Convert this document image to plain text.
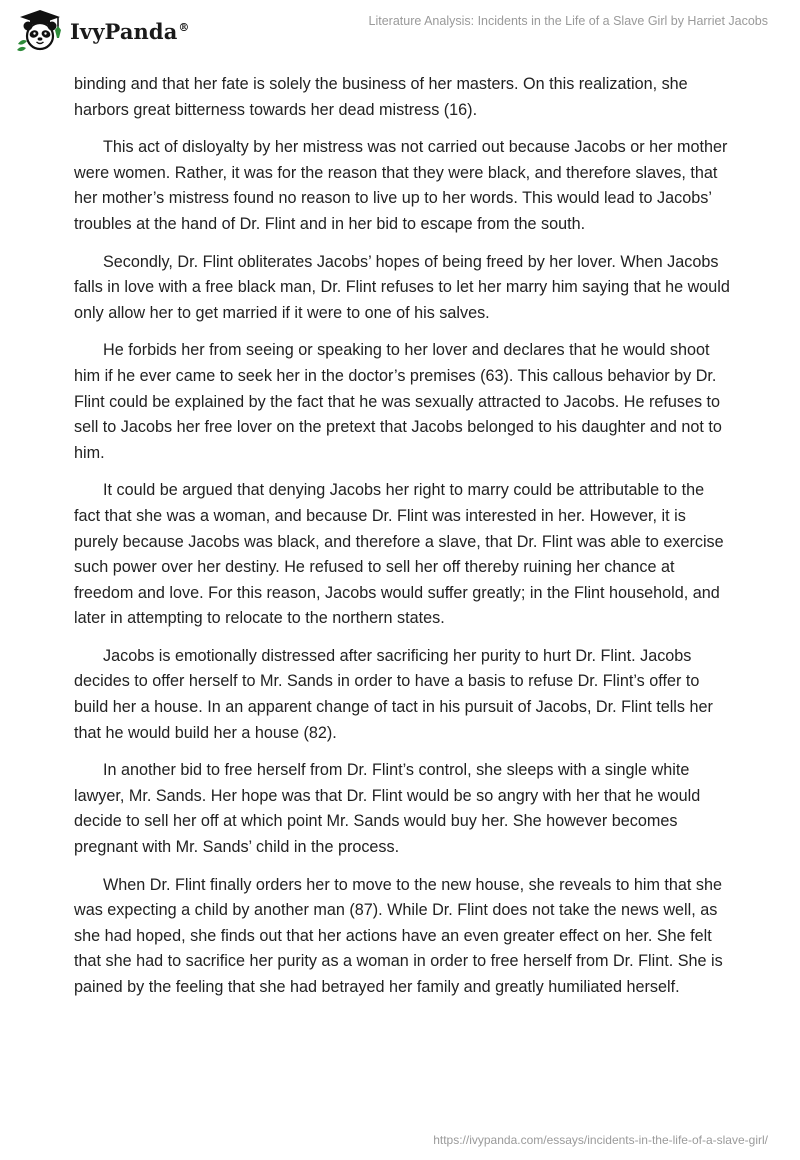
IvyPanda®	Literature Analysis: Incidents in the Life of a Slave Girl by Harriet Jacobs

binding and that her fate is solely the business of her masters. On this realization, she harbors great bitterness towards her dead mistress (16).

This act of disloyalty by her mistress was not carried out because Jacobs or her mother were women. Rather, it was for the reason that they were black, and therefore slaves, that her mother’s mistress found no reason to live up to her words. This would lead to Jacobs’ troubles at the hand of Dr. Flint and in her bid to escape from the south.

Secondly, Dr. Flint obliterates Jacobs’ hopes of being freed by her lover. When Jacobs falls in love with a free black man, Dr. Flint refuses to let her marry him saying that he would only allow her to get married if it were to one of his salves.

He forbids her from seeing or speaking to her lover and declares that he would shoot him if he ever came to seek her in the doctor’s premises (63). This callous behavior by Dr. Flint could be explained by the fact that he was sexually attracted to Jacobs. He refuses to sell to Jacobs her free lover on the pretext that Jacobs belonged to his daughter and not to him.

It could be argued that denying Jacobs her right to marry could be attributable to the fact that she was a woman, and because Dr. Flint was interested in her. However, it is purely because Jacobs was black, and therefore a slave, that Dr. Flint was able to exercise such power over her destiny. He refused to sell her off thereby ruining her chance at freedom and love. For this reason, Jacobs would suffer greatly; in the Flint household, and later in attempting to relocate to the northern states.

Jacobs is emotionally distressed after sacrificing her purity to hurt Dr. Flint. Jacobs decides to offer herself to Mr. Sands in order to have a basis to refuse Dr. Flint’s offer to build her a house. In an apparent change of tact in his pursuit of Jacobs, Dr. Flint tells her that he would build her a house (82).

In another bid to free herself from Dr. Flint’s control, she sleeps with a single white lawyer, Mr. Sands. Her hope was that Dr. Flint would be so angry with her that he would decide to sell her off at which point Mr. Sands would buy her. She however becomes pregnant with Mr. Sands’ child in the process.

When Dr. Flint finally orders her to move to the new house, she reveals to him that she was expecting a child by another man (87). While Dr. Flint does not take the news well, as she had hoped, she finds out that her actions have an even greater effect on her. She felt that she had to sacrifice her purity as a woman in order to free herself from Dr. Flint. She is pained by the feeling that she had betrayed her family and greatly humiliated herself.

https://ivypanda.com/essays/incidents-in-the-life-of-a-slave-girl/
